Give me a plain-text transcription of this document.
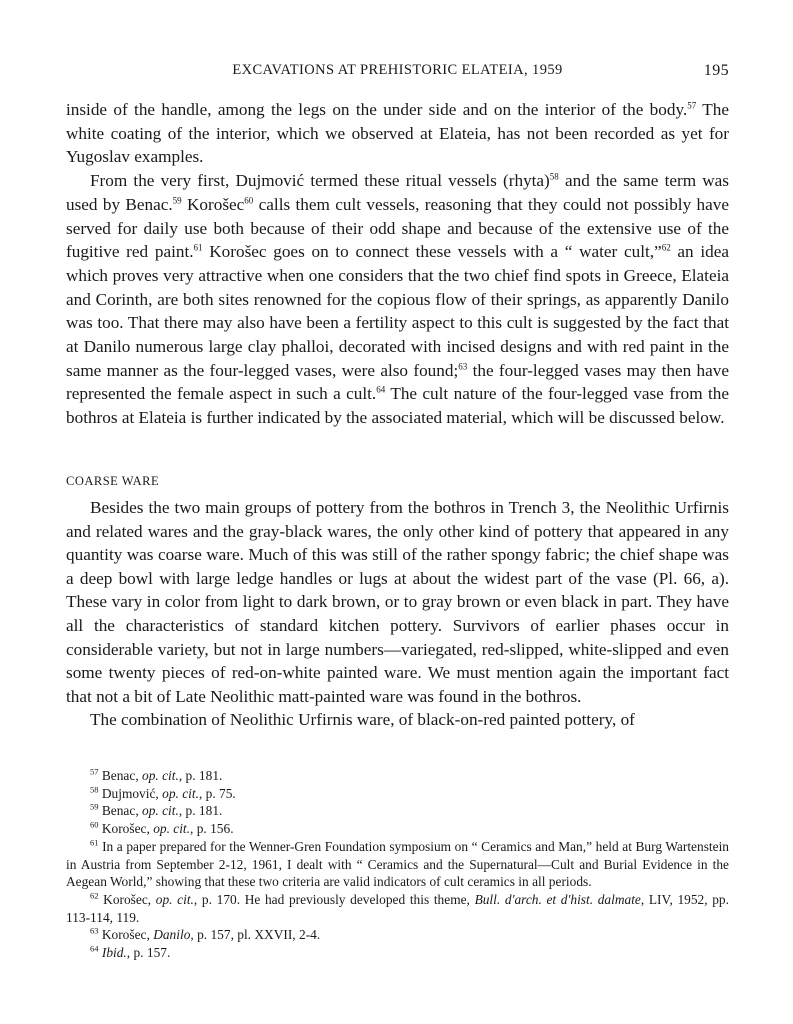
EXCAVATIONS AT PREHISTORIC ELATEIA, 1959	195

inside of the handle, among the legs on the under side and on the interior of the body.$^{57}$ The white coating of the interior, which we observed at Elateia, has not been recorded as yet for Yugoslav examples.

From the very first, Dujmović termed these ritual vessels (rhyta)$^{58}$ and the same term was used by Benac.$^{59}$ Korošec$^{60}$ calls them cult vessels, reasoning that they could not possibly have served for daily use both because of their odd shape and because of the extensive use of the fugitive red paint.$^{61}$ Korošec goes on to connect these vessels with a “ water cult,”$^{62}$ an idea which proves very attractive when one considers that the two chief find spots in Greece, Elateia and Corinth, are both sites renowned for the copious flow of their springs, as apparently Danilo was too. That there may also have been a fertility aspect to this cult is suggested by the fact that at Danilo numerous large clay phalloi, decorated with incised designs and with red paint in the same manner as the four-legged vases, were also found;$^{63}$ the four-legged vases may then have represented the female aspect in such a cult.$^{64}$ The cult nature of the four-legged vase from the bothros at Elateia is further indicated by the associated material, which will be discussed below.

COARSE WARE

Besides the two main groups of pottery from the bothros in Trench 3, the Neolithic Urfirnis and related wares and the gray-black wares, the only other kind of pottery that appeared in any quantity was coarse ware. Much of this was still of the rather spongy fabric; the chief shape was a deep bowl with large ledge handles or lugs at about the widest part of the vase (Pl. 66, a). These vary in color from light to dark brown, or to gray brown or even black in part. They have all the characteristics of standard kitchen pottery. Survivors of earlier phases occur in considerable variety, but not in large numbers—variegated, red-slipped, white-slipped and even some twenty pieces of red-on-white painted ware. We must mention again the important fact that not a bit of Late Neolithic matt-painted ware was found in the bothros.

The combination of Neolithic Urfirnis ware, of black-on-red painted pottery, of

$^{57}$ Benac, op. cit., p. 181.

$^{58}$ Dujmović, op. cit., p. 75.

$^{59}$ Benac, op. cit., p. 181.

$^{60}$ Korošec, op. cit., p. 156.

$^{61}$ In a paper prepared for the Wenner-Gren Foundation symposium on “ Ceramics and Man,” held at Burg Wartenstein in Austria from September 2-12, 1961, I dealt with “ Ceramics and the Supernatural—Cult and Burial Evidence in the Aegean World,” showing that these two criteria are valid indicators of cult ceramics in all periods.

$^{62}$ Korošec, op. cit., p. 170. He had previously developed this theme, Bull. d'arch. et d'hist. dalmate, LIV, 1952, pp. 113-114, 119.

$^{63}$ Korošec, Danilo, p. 157, pl. XXVII, 2-4.

$^{64}$ Ibid., p. 157.
